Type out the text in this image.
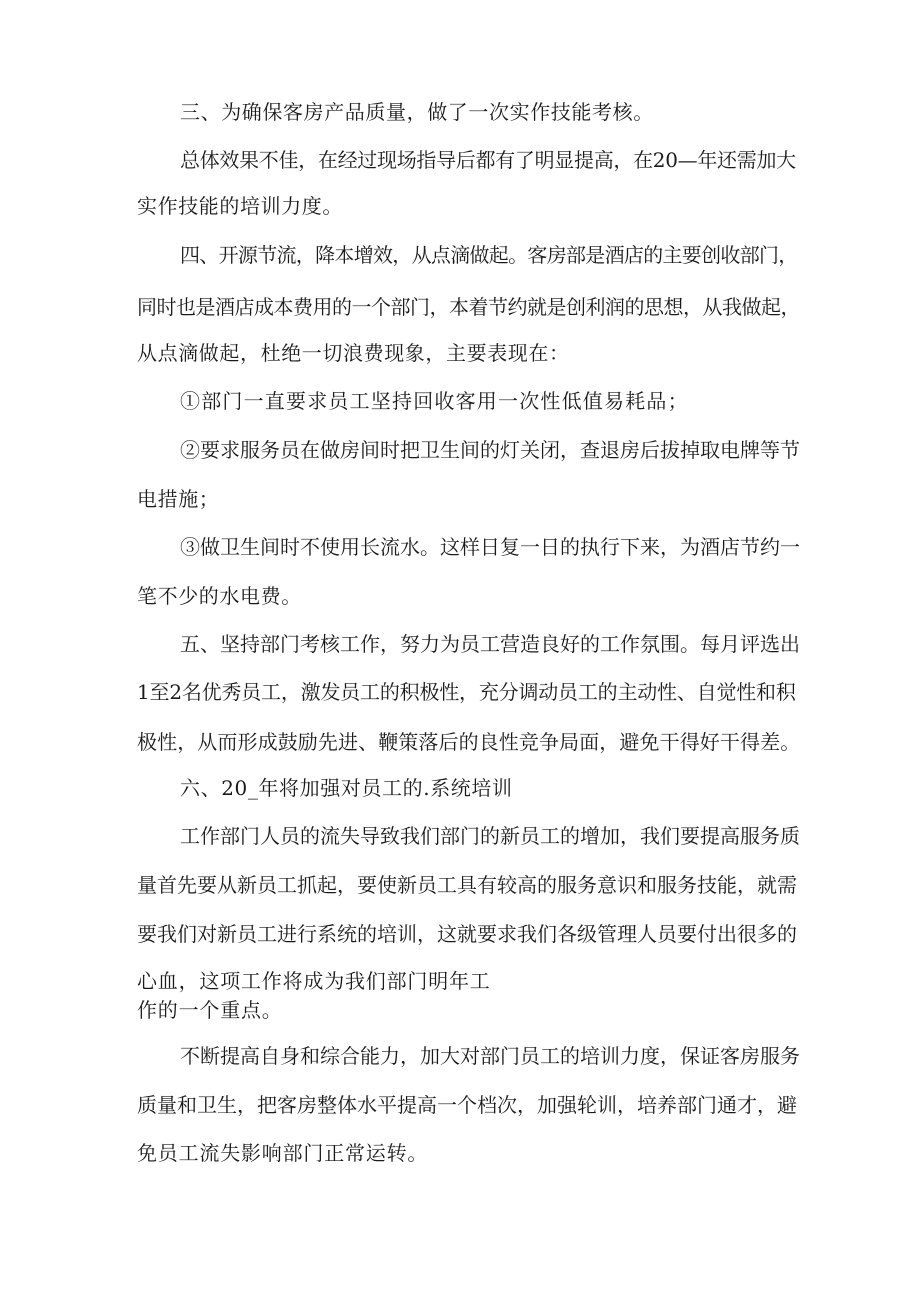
三、为确保客房产品质量，做了一次实作技能考核。
总体效果不佳，在经过现场指导后都有了明显提高，在20—年还需加大
实作技能的培训力度。
四、开源节流，降本增效，从点滴做起。客房部是酒店的主要创收部门，
同时也是酒店成本费用的一个部门，本着节约就是创利润的思想，从我做起，
从点滴做起，杜绝一切浪费现象，主要表现在：
①部门一直要求员工坚持回收客用一次性低值易耗品；
②要求服务员在做房间时把卫生间的灯关闭，查退房后拔掉取电牌等节
电措施；
③做卫生间时不使用长流水。这样日复一日的执行下来，为酒店节约一
笔不少的水电费。
五、坚持部门考核工作，努力为员工营造良好的工作氛围。每月评选出
1至2名优秀员工，激发员工的积极性，充分调动员工的主动性、自觉性和积
极性，从而形成鼓励先进、鞭策落后的良性竞争局面，避免干得好干得差。
六、20_年将加强对员工的.系统培训
工作部门人员的流失导致我们部门的新员工的增加，我们要提高服务质
量首先要从新员工抓起，要使新员工具有较高的服务意识和服务技能，就需
要我们对新员工进行系统的培训，这就要求我们各级管理人员要付出很多的
心血，这项工作将成为我们部门明年工
作的一个重点。
不断提高自身和综合能力，加大对部门员工的培训力度，保证客房服务
质量和卫生，把客房整体水平提高一个档次，加强轮训，培养部门通才，避
免员工流失影响部门正常运转。
